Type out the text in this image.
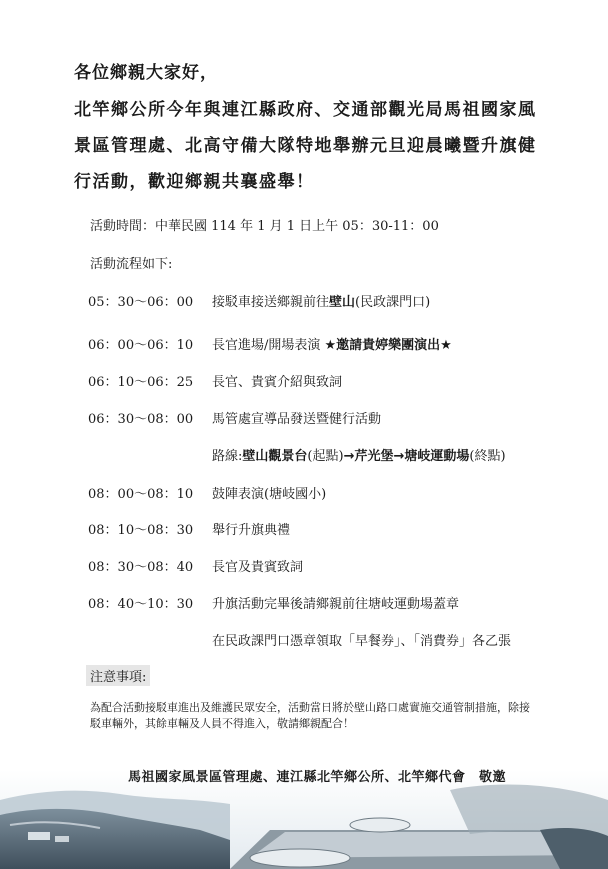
各位鄉親大家好，
北竿鄉公所今年與連江縣政府、交通部觀光局馬祖國家風景區管理處、北高守備大隊特地舉辦元旦迎晨曦暨升旗健行活動，歡迎鄉親共襄盛舉！
活動時間：中華民國 114 年 1 月 1 日上午 05：30-11：00
活動流程如下:
05：30～06：00 接駁車接送鄉親前往壁山(民政課門口)
06：00～06：10 長官進場/開場表演 ★邀請貴婷樂團演出★
06：10～06：25 長官、貴賓介紹與致詞
06：30～08：00 馬管處宣導品發送暨健行活動
路線:壁山觀景台(起點)→芹光堡→塘岐運動場(終點)
08：00～08：10 鼓陣表演(塘岐國小)
08：10～08：30 舉行升旗典禮
08：30～08：40 長官及貴賓致詞
08：40～10：30 升旗活動完畢後請鄉親前往塘岐運動場蓋章
在民政課門口憑章領取「早餐券」、「消費券」各乙張
注意事項:
為配合活動接駁車進出及維護民眾安全，活動當日將於壁山路口處實施交通管制措施，除接駁車輛外，其餘車輛及人員不得進入，敬請鄉親配合！
馬祖國家風景區管理處、連江縣北竿鄉公所、北竿鄉代會　敬邀
